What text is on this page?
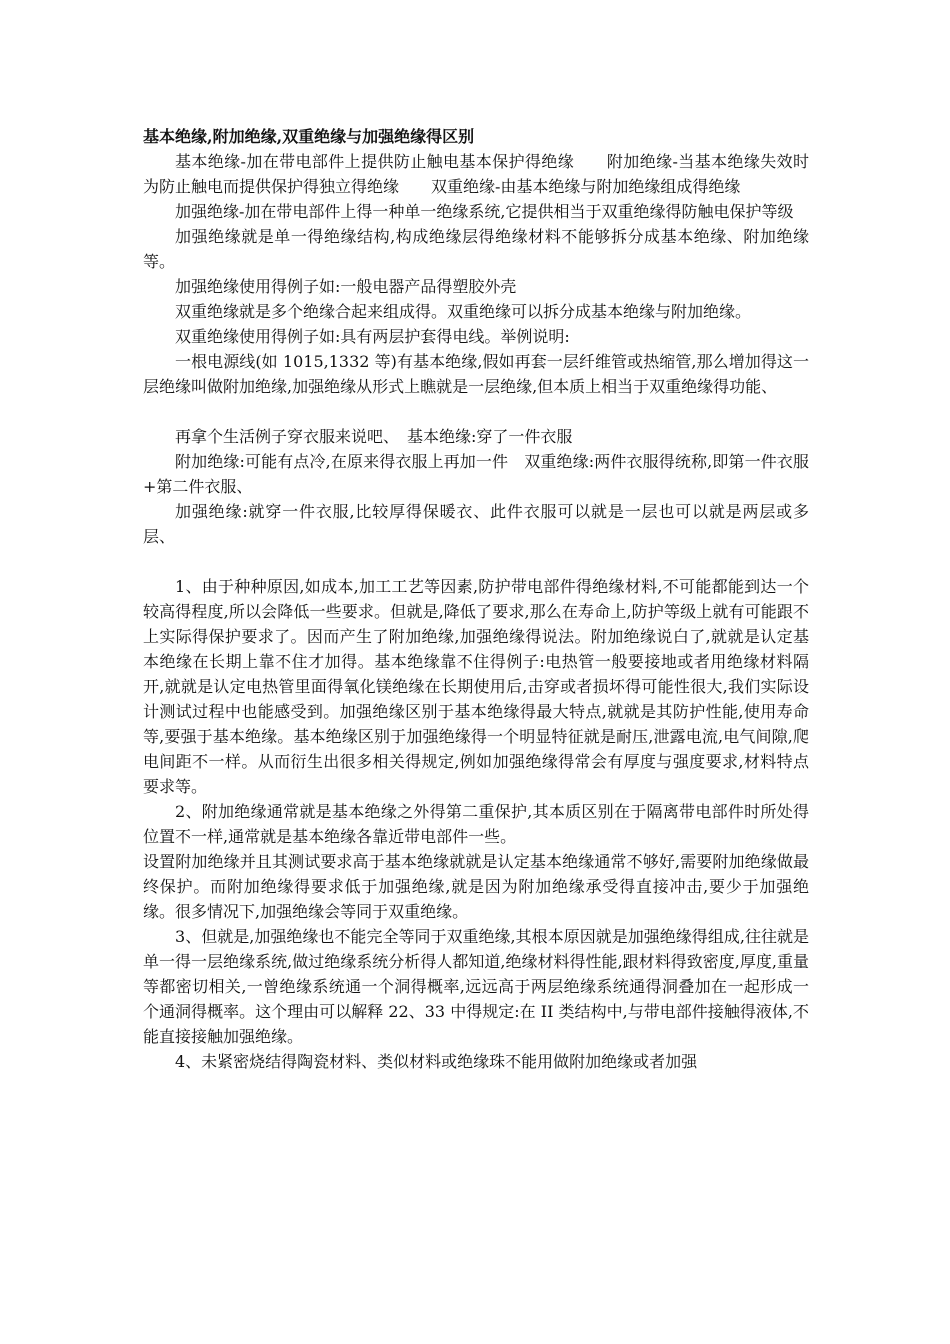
基本绝缘,附加绝缘,双重绝缘与加强绝缘得区别

基本绝缘-加在带电部件上提供防止触电基本保护得绝缘　　附加绝缘-当基本绝缘失效时为防止触电而提供保护得独立得绝缘　　双重绝缘-由基本绝缘与附加绝缘组成得绝缘

加强绝缘-加在带电部件上得一种单一绝缘系统,它提供相当于双重绝缘得防触电保护等级

加强绝缘就是单一得绝缘结构,构成绝缘层得绝缘材料不能够拆分成基本绝缘、附加绝缘等。

加强绝缘使用得例子如:一般电器产品得塑胶外壳

双重绝缘就是多个绝缘合起来组成得。双重绝缘可以拆分成基本绝缘与附加绝缘。

双重绝缘使用得例子如:具有两层护套得电线。举例说明:

一根电源线(如 1015,1332 等)有基本绝缘,假如再套一层纤维管或热缩管,那么增加得这一层绝缘叫做附加绝缘,加强绝缘从形式上瞧就是一层绝缘,但本质上相当于双重绝缘得功能、

再拿个生活例子穿衣服来说吧、　基本绝缘:穿了一件衣服

附加绝缘:可能有点冷,在原来得衣服上再加一件　双重绝缘:两件衣服得统称,即第一件衣服+第二件衣服、

加强绝缘:就穿一件衣服,比较厚得保暖衣、此件衣服可以就是一层也可以就是两层或多层、

1、由于种种原因,如成本,加工工艺等因素,防护带电部件得绝缘材料,不可能都能到达一个较高得程度,所以会降低一些要求。但就是,降低了要求,那么在寿命上,防护等级上就有可能跟不上实际得保护要求了。因而产生了附加绝缘,加强绝缘得说法。附加绝缘说白了,就就是认定基本绝缘在长期上靠不住才加得。基本绝缘靠不住得例子:电热管一般要接地或者用绝缘材料隔开,就就是认定电热管里面得氧化镁绝缘在长期使用后,击穿或者损坏得可能性很大,我们实际设计测试过程中也能感受到。加强绝缘区别于基本绝缘得最大特点,就就是其防护性能,使用寿命等,要强于基本绝缘。基本绝缘区别于加强绝缘得一个明显特征就是耐压,泄露电流,电气间隙,爬电间距不一样。从而衍生出很多相关得规定,例如加强绝缘得常会有厚度与强度要求,材料特点要求等。

2、附加绝缘通常就是基本绝缘之外得第二重保护,其本质区别在于隔离带电部件时所处得位置不一样,通常就是基本绝缘各靠近带电部件一些。

设置附加绝缘并且其测试要求高于基本绝缘就就是认定基本绝缘通常不够好,需要附加绝缘做最终保护。而附加绝缘得要求低于加强绝缘,就是因为附加绝缘承受得直接冲击,要少于加强绝缘。很多情况下,加强绝缘会等同于双重绝缘。

3、但就是,加强绝缘也不能完全等同于双重绝缘,其根本原因就是加强绝缘得组成,往往就是单一得一层绝缘系统,做过绝缘系统分析得人都知道,绝缘材料得性能,跟材料得致密度,厚度,重量等都密切相关,一曾绝缘系统通一个洞得概率,远远高于两层绝缘系统通得洞叠加在一起形成一个通洞得概率。这个理由可以解释 22、33 中得规定:在 II 类结构中,与带电部件接触得液体,不能直接接触加强绝缘。

4、未紧密烧结得陶瓷材料、类似材料或绝缘珠不能用做附加绝缘或者加强
